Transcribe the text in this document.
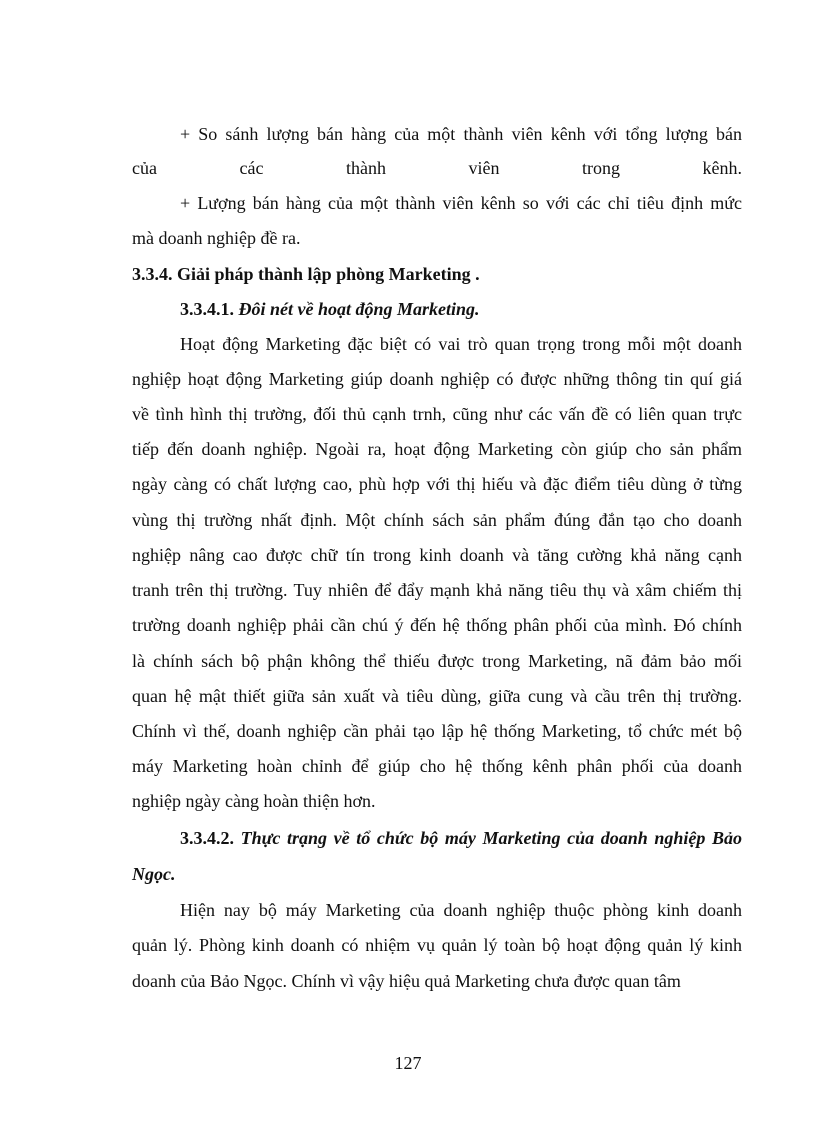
+ So sánh lượng bán hàng của một thành viên kênh với tổng lượng bán
của các thành viên trong kênh.
+ Lượng bán hàng của một thành viên kênh so với các chỉ tiêu định mức
mà doanh nghiệp đề ra.
3.3.4. Giải pháp thành lập phòng Marketing .
3.3.4.1. Đôi nét về hoạt động Marketing.
Hoạt động Marketing đặc biệt có vai trò quan trọng trong mỗi một doanh
nghiệp hoạt động Marketing giúp doanh nghiệp có được những thông tin quí giá
về tình hình thị trường, đối thủ cạnh trnh, cũng như các vấn đề có liên quan trực
tiếp đến doanh nghiệp. Ngoài ra, hoạt động Marketing còn giúp cho sản phẩm
ngày càng có chất lượng cao, phù hợp với thị hiếu và đặc điểm tiêu dùng ở từng
vùng thị trường nhất định. Một chính sách sản phẩm đúng đắn tạo cho doanh
nghiệp nâng cao được chữ tín trong kinh doanh và tăng cường khả năng cạnh
tranh trên thị trường. Tuy nhiên để đẩy mạnh khả năng tiêu thụ và xâm chiếm thị
trường doanh nghiệp phải cần chú ý đến hệ thống phân phối của mình. Đó chính
là chính sách bộ phận không thể thiếu được trong Marketing, nã đảm bảo mối
quan hệ mật thiết giữa sản xuất và tiêu dùng, giữa cung và cầu trên thị trường.
Chính vì thế, doanh nghiệp cần phải tạo lập hệ thống Marketing, tổ chức mét bộ
máy Marketing hoàn chỉnh để giúp cho hệ thống kênh phân phối của doanh
nghiệp ngày càng hoàn thiện hơn.
3.3.4.2. Thực trạng về tổ chức bộ máy Marketing của doanh nghiệp Bảo
Ngọc.
Hiện nay bộ máy Marketing của doanh nghiệp thuộc phòng kinh doanh
quản lý. Phòng kinh doanh có nhiệm vụ quản lý toàn bộ hoạt động quản lý kinh
doanh của Bảo Ngọc. Chính vì vậy hiệu quả Marketing chưa được quan tâm
127
